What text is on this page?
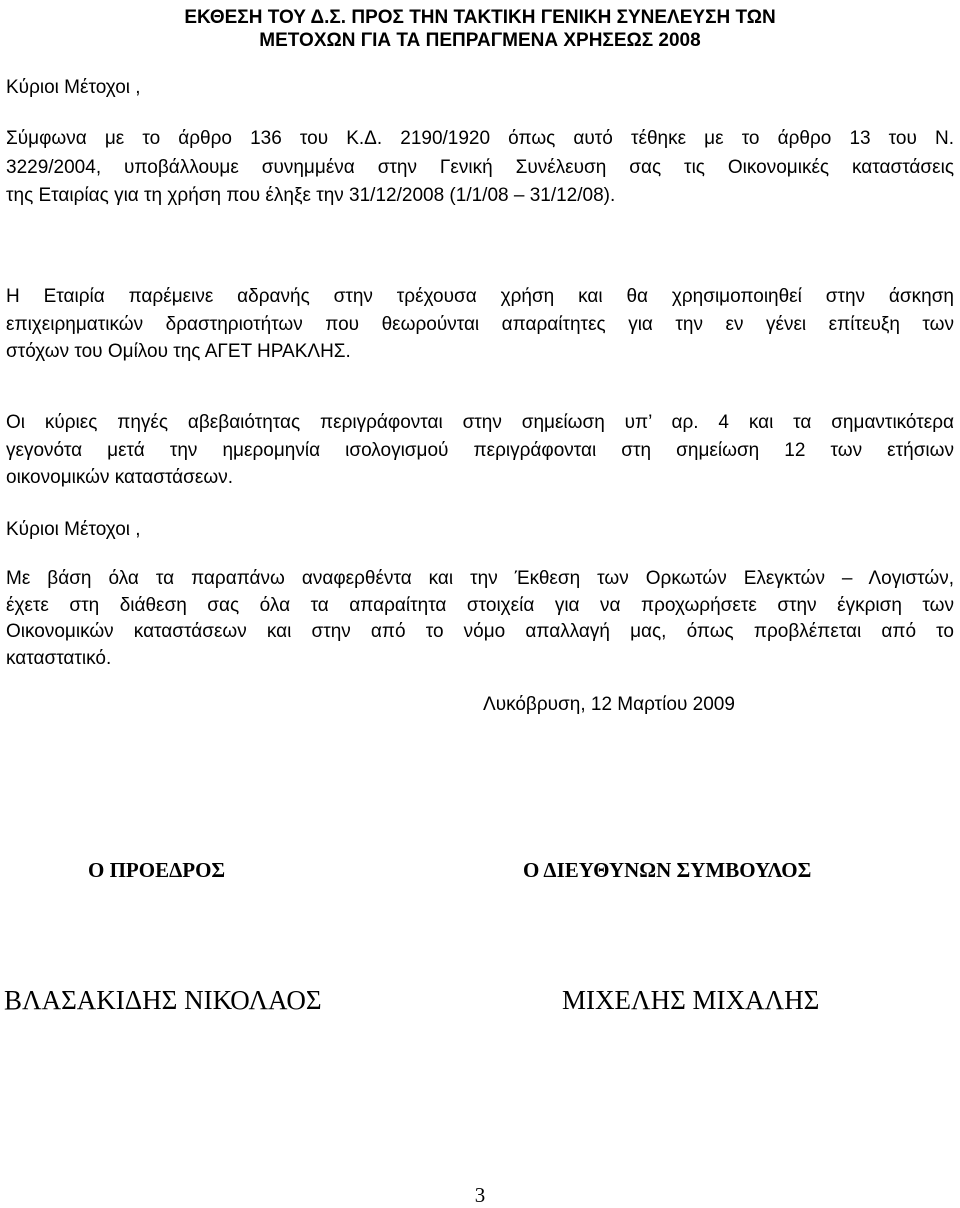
ΕΚΘΕΣΗ ΤΟΥ Δ.Σ. ΠΡΟΣ ΤΗΝ ΤΑΚΤΙΚΗ ΓΕΝΙΚΗ ΣΥΝΕΛΕΥΣΗ ΤΩΝ
ΜΕΤΟΧΩΝ ΓΙΑ ΤΑ ΠΕΠΡΑΓΜΕΝΑ ΧΡΗΣΕΩΣ 2008
Κύριοι Μέτοχοι ,
Σύμφωνα με το άρθρο 136 του Κ.Δ. 2190/1920 όπως αυτό τέθηκε με το άρθρο 13 του Ν.
3229/2004, υποβάλλουμε συνημμένα στην Γενική Συνέλευση σας τις Οικονομικές καταστάσεις
της Εταιρίας για τη χρήση που έληξε την 31/12/2008 (1/1/08 – 31/12/08).
Η Εταιρία παρέμεινε αδρανής στην τρέχουσα χρήση και θα χρησιμοποιηθεί στην άσκηση
επιχειρηματικών δραστηριοτήτων που θεωρούνται απαραίτητες για την εν γένει επίτευξη των
στόχων του Ομίλου της ΑΓΕΤ ΗΡΑΚΛΗΣ.
Οι κύριες πηγές αβεβαιότητας περιγράφονται στην σημείωση υπ’ αρ. 4 και τα σημαντικότερα
γεγονότα μετά την ημερομηνία ισολογισμού περιγράφονται στη σημείωση 12 των ετήσιων
οικονομικών καταστάσεων.
Κύριοι Μέτοχοι ,
Με βάση όλα τα παραπάνω αναφερθέντα και την Έκθεση των Ορκωτών Ελεγκτών – Λογιστών,
έχετε στη διάθεση σας όλα τα απαραίτητα στοιχεία για να προχωρήσετε στην έγκριση των
Οικονομικών καταστάσεων και στην από το νόμο απαλλαγή μας, όπως προβλέπεται από το
καταστατικό.
Λυκόβρυση, 12 Μαρτίου 2009
Ο ΠΡΟΕΔΡΟΣ	Ο ΔΙΕΥΘΥΝΩΝ ΣΥΜΒΟΥΛΟΣ
ΒΛΑΣΑΚΙΔΗΣ ΝΙΚΟΛΑΟΣ	ΜΙΧΕΛΗΣ ΜΙΧΑΛΗΣ
3
